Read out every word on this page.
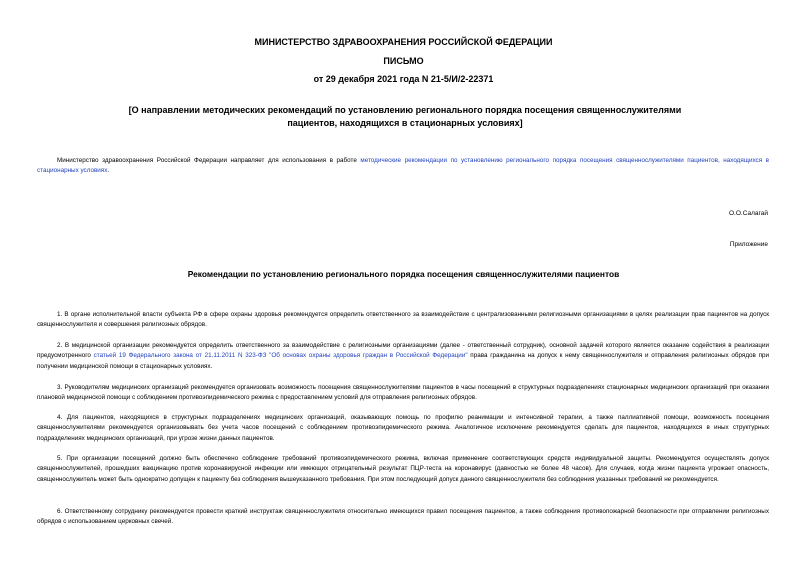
МИНИСТЕРСТВО ЗДРАВООХРАНЕНИЯ РОССИЙСКОЙ ФЕДЕРАЦИИ
ПИСЬМО
от 29 декабря 2021 года N 21-5/И/2-22371
[О направлении методических рекомендаций по установлению регионального порядка посещения священнослужителями пациентов, находящихся в стационарных условиях]
Министерство здравоохранения Российской Федерации направляет для использования в работе методические рекомендации по установлению регионального порядка посещения священнослужителями пациентов, находящихся в стационарных условиях.
О.О.Салагай
Приложение
Рекомендации по установлению регионального порядка посещения священнослужителями пациентов
1. В органе исполнительной власти субъекта РФ в сфере охраны здоровья рекомендуется определить ответственного за взаимодействие с централизованными религиозными организациями в целях реализации прав пациентов на допуск священнослужителя и совершения религиозных обрядов.
2. В медицинской организации рекомендуется определить ответственного за взаимодействие с религиозными организациями (далее - ответственный сотрудник), основной задачей которого является оказание содействия в реализации предусмотренного статьей 19 Федерального закона от 21.11.2011 N 323-ФЗ "Об основах охраны здоровья граждан в Российской Федерации" права гражданина на допуск к нему священнослужителя и отправления религиозных обрядов при получении медицинской помощи в стационарных условиях.
3. Руководителям медицинских организаций рекомендуется организовать возможность посещения священнослужителями пациентов в часы посещений в структурных подразделениях стационарных медицинских организаций при оказании плановой медицинской помощи с соблюдением противоэпидемического режима с предоставлением условий для отправления религиозных обрядов.
4. Для пациентов, находящихся в структурных подразделениях медицинских организаций, оказывающих помощь по профилю реанимации и интенсивной терапии, а также паллиативной помощи, возможность посещения священнослужителями рекомендуется организовывать без учета часов посещений с соблюдением противоэпидемического режима. Аналогичное исключение рекомендуется сделать для пациентов, находящихся в иных структурных подразделениях медицинских организаций, при угрозе жизни данных пациентов.
5. При организации посещений должно быть обеспечено соблюдение требований противоэпидемического режима, включая применение соответствующих средств индивидуальной защиты. Рекомендуется осуществлять допуск священнослужителей, прошедших вакцинацию против коронавирусной инфекции или имеющих отрицательный результат ПЦР-теста на коронавирус (давностью не более 48 часов). Для случаев, когда жизни пациента угрожает опасность, священнослужитель может быть однократно допущен к пациенту без соблюдения вышеуказанного требования. При этом последующий допуск данного священнослужителя без соблюдения указанных требований не рекомендуется.
6. Ответственному сотруднику рекомендуется провести краткий инструктаж священнослужителя относительно имеющихся правил посещения пациентов, а также соблюдения противопожарной безопасности при отправлении религиозных обрядов с использованием церковных свечей.
